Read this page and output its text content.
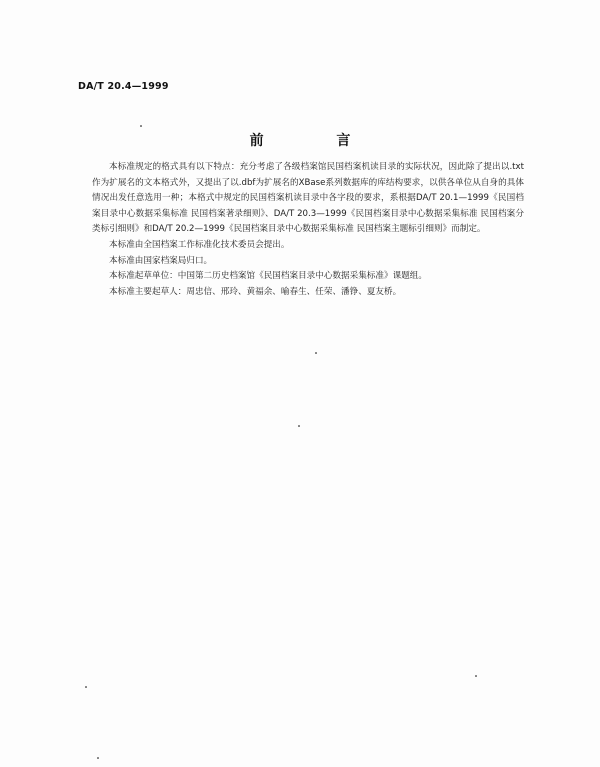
DA/T 20.4—1999
前 言

本标准规定的格式具有以下特点：充分考虑了各级档案馆民国档案机读目录的实际状况，因此除了提出以.txt作为扩展名的文本格式外，又提出了以.dbf为扩展名的XBase系列数据库的库结构要求，以供各单位从自身的具体情况出发任意选用一种；本格式中规定的民国档案机读目录中各字段的要求，系根据DA/T 20.1—1999《民国档案目录中心数据采集标准 民国档案著录细则》、DA/T 20.3—1999《民国档案目录中心数据采集标准 民国档案分类标引细则》和DA/T 20.2—1999《民国档案目录中心数据采集标准 民国档案主题标引细则》而制定。

本标准由全国档案工作标准化技术委员会提出。

本标准由国家档案局归口。

本标准起草单位：中国第二历史档案馆《民国档案目录中心数据采集标准》课题组。

本标准主要起草人：周忠信、邢玲、黄福余、喻春生、任荣、潘铮、夏友桥。
